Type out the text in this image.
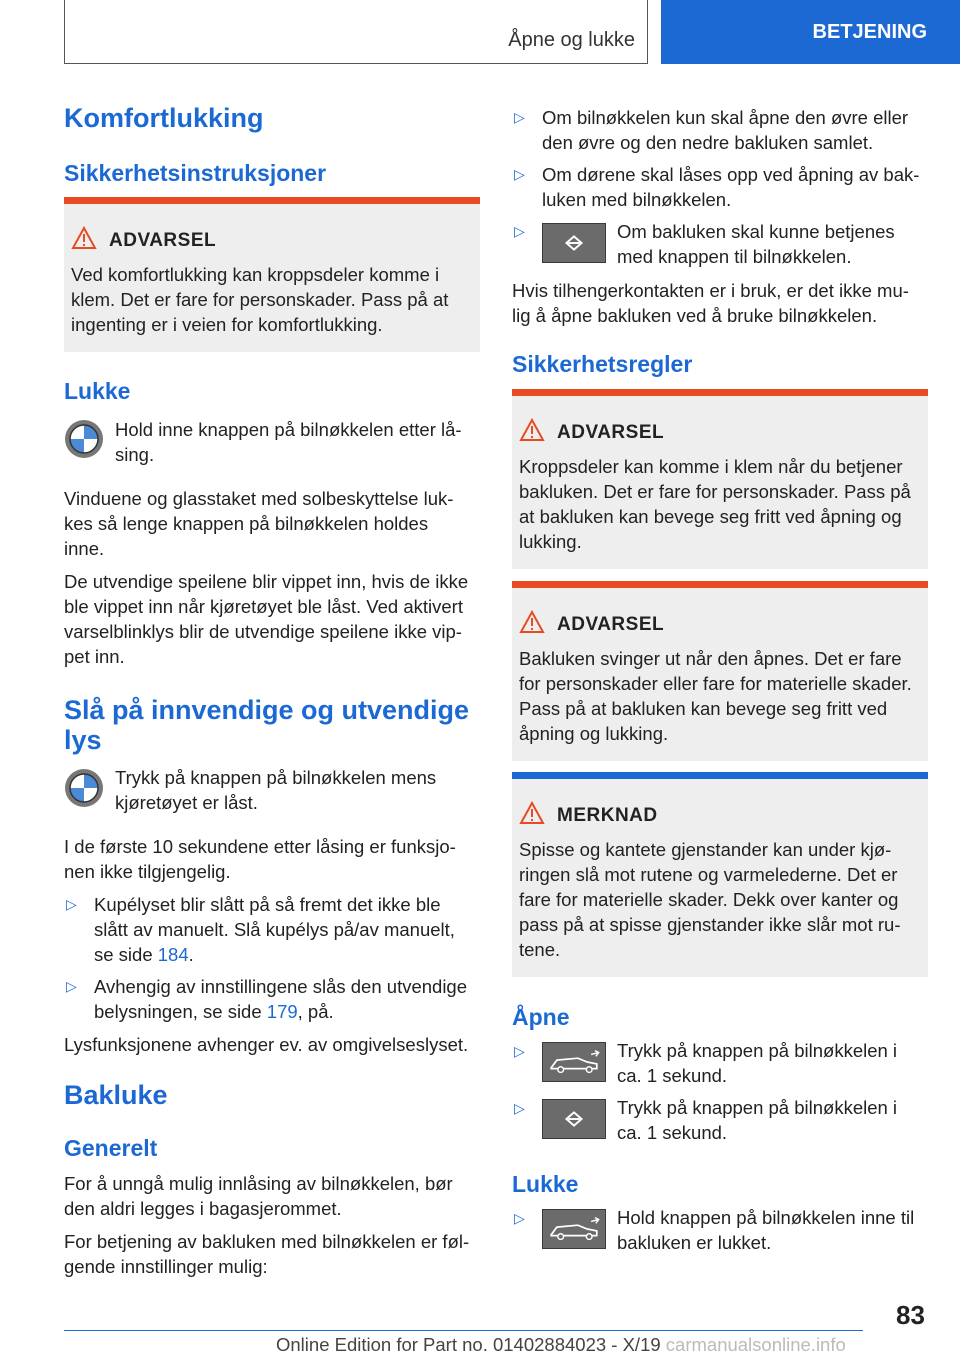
Åpne og lukke	BETJENING
Komfortlukking
Sikkerhetsinstruksjoner
ADVARSEL
Ved komfortlukking kan kroppsdeler komme i
klem. Det er fare for personskader. Pass på at
ingenting er i veien for komfortlukking.
Lukke
Hold inne knappen på bilnøkkelen etter lå-
sing.
Vinduene og glasstaket med solbeskyttelse luk-
kes så lenge knappen på bilnøkkelen holdes
inne.
De utvendige speilene blir vippet inn, hvis de ikke
ble vippet inn når kjøretøyet ble låst. Ved aktivert
varselblinklys blir de utvendige speilene ikke vip-
pet inn.
Slå på innvendige og utvendige
lys
Trykk på knappen på bilnøkkelen mens
kjøretøyet er låst.
I de første 10 sekundene etter låsing er funksjo-
nen ikke tilgjengelig.
▷ Kupélyset blir slått på så fremt det ikke ble
slått av manuelt. Slå kupélys på/av manuelt,
se side 184.
▷ Avhengig av innstillingene slås den utvendige
belysningen, se side 179, på.
Lysfunksjonene avhenger ev. av omgivelseslyset.
Bakluke
Generelt
For å unngå mulig innlåsing av bilnøkkelen, bør
den aldri legges i bagasjerommet.
For betjening av bakluken med bilnøkkelen er føl-
gende innstillinger mulig:
▷ Om bilnøkkelen kun skal åpne den øvre eller
den øvre og den nedre bakluken samlet.
▷ Om dørene skal låses opp ved åpning av bak-
luken med bilnøkkelen.
▷	Om bakluken skal kunne betjenes
med knappen til bilnøkkelen.
Hvis tilhengerkontakten er i bruk, er det ikke mu-
lig å åpne bakluken ved å bruke bilnøkkelen.
Sikkerhetsregler
ADVARSEL
Kroppsdeler kan komme i klem når du betjener
bakluken. Det er fare for personskader. Pass på
at bakluken kan bevege seg fritt ved åpning og
lukking.
ADVARSEL
Bakluken svinger ut når den åpnes. Det er fare
for personskader eller fare for materielle skader.
Pass på at bakluken kan bevege seg fritt ved
åpning og lukking.
MERKNAD
Spisse og kantete gjenstander kan under kjø-
ringen slå mot rutene og varmelederne. Det er
fare for materielle skader. Dekk over kanter og
pass på at spisse gjenstander ikke slår mot ru-
tene.
Åpne
▷	Trykk på knappen på bilnøkkelen i
ca. 1 sekund.
▷	Trykk på knappen på bilnøkkelen i
ca. 1 sekund.
Lukke
▷	Hold knappen på bilnøkkelen inne til
bakluken er lukket.
83
Online Edition for Part no. 01402884023 - X/19 carmanualsonline.info
